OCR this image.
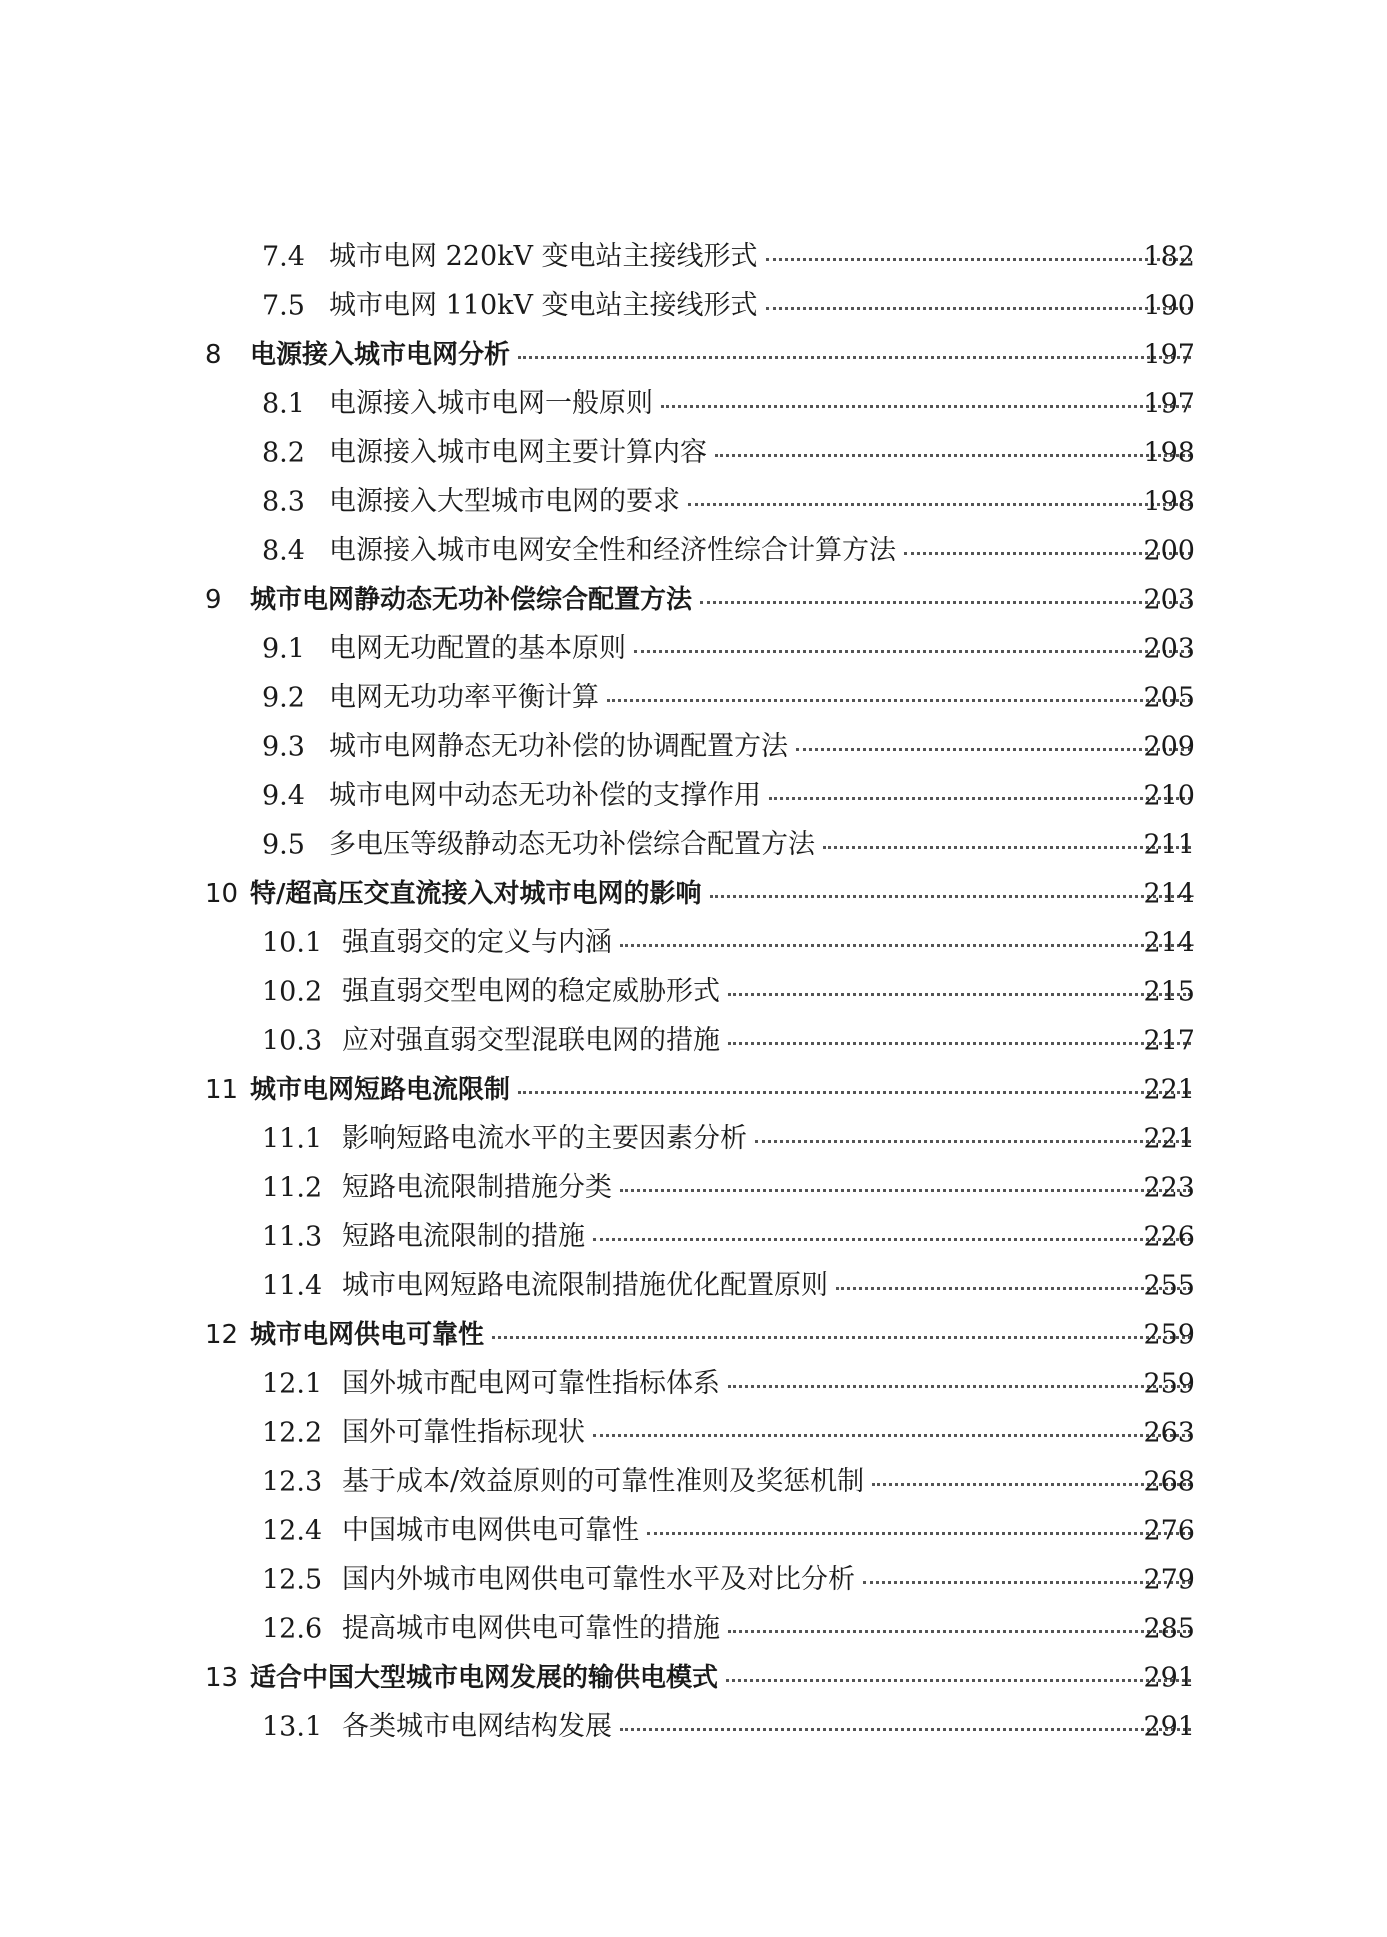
7.4 城市电网 220kV 变电站主接线形式	182
7.5 城市电网 110kV 变电站主接线形式	190
8 电源接入城市电网分析	197
8.1 电源接入城市电网一般原则	197
8.2 电源接入城市电网主要计算内容	198
8.3 电源接入大型城市电网的要求	198
8.4 电源接入城市电网安全性和经济性综合计算方法	200
9 城市电网静动态无功补偿综合配置方法	203
9.1 电网无功配置的基本原则	203
9.2 电网无功功率平衡计算	205
9.3 城市电网静态无功补偿的协调配置方法	209
9.4 城市电网中动态无功补偿的支撑作用	210
9.5 多电压等级静动态无功补偿综合配置方法	211
10 特/超高压交直流接入对城市电网的影响	214
10.1 强直弱交的定义与内涵	214
10.2 强直弱交型电网的稳定威胁形式	215
10.3 应对强直弱交型混联电网的措施	217
11 城市电网短路电流限制	221
11.1 影响短路电流水平的主要因素分析	221
11.2 短路电流限制措施分类	223
11.3 短路电流限制的措施	226
11.4 城市电网短路电流限制措施优化配置原则	255
12 城市电网供电可靠性	259
12.1 国外城市配电网可靠性指标体系	259
12.2 国外可靠性指标现状	263
12.3 基于成本/效益原则的可靠性准则及奖惩机制	268
12.4 中国城市电网供电可靠性	276
12.5 国内外城市电网供电可靠性水平及对比分析	279
12.6 提高城市电网供电可靠性的措施	285
13 适合中国大型城市电网发展的输供电模式	291
13.1 各类城市电网结构发展	291
